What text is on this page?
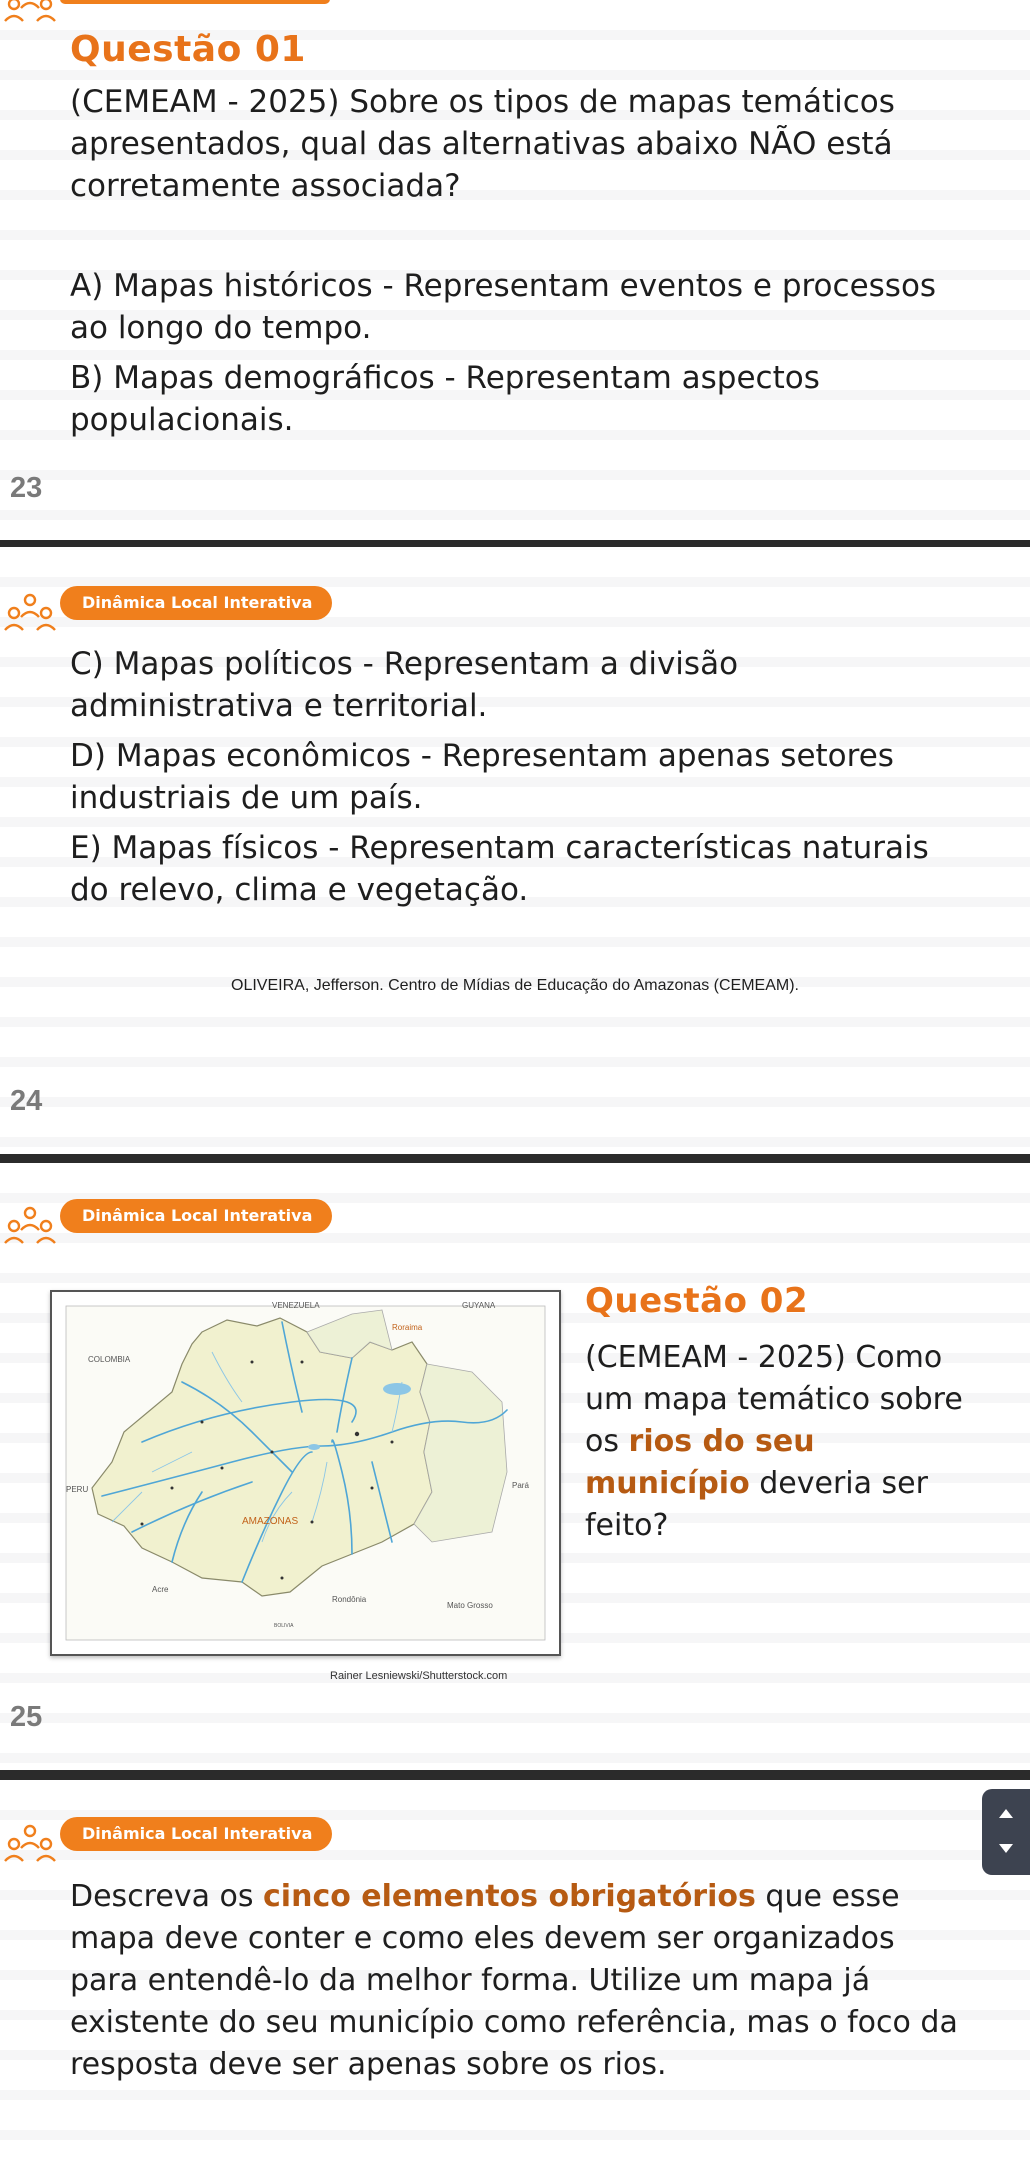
Questão 01
(CEMEAM - 2025) Sobre os tipos de mapas temáticos apresentados, qual das alternativas abaixo NÃO está corretamente associada?
A) Mapas históricos - Representam eventos e processos ao longo do tempo.
B) Mapas demográficos - Representam aspectos populacionais.
23
Dinâmica Local Interativa
C) Mapas políticos - Representam a divisão administrativa e territorial.
D) Mapas econômicos - Representam apenas setores industriais de um país.
E) Mapas físicos - Representam características naturais do relevo, clima e vegetação.
OLIVEIRA, Jefferson. Centro de Mídias de Educação do Amazonas (CEMEAM).
24
Dinâmica Local Interativa
VENEZUELA	GUYANA
Roraima
COLOMBIA
PERU
AMAZONAS
Pará
Acre
Rondônia
Mato Grosso
BOLIVIA
Rainer Lesniewski/Shutterstock.com
Questão 02
(CEMEAM - 2025) Como um mapa temático sobre os rios do seu município deveria ser feito?
25
Dinâmica Local Interativa
Descreva os cinco elementos obrigatórios que esse mapa deve conter e como eles devem ser organizados para entendê-lo da melhor forma. Utilize um mapa já existente do seu município como referência, mas o foco da resposta deve ser apenas sobre os rios.
